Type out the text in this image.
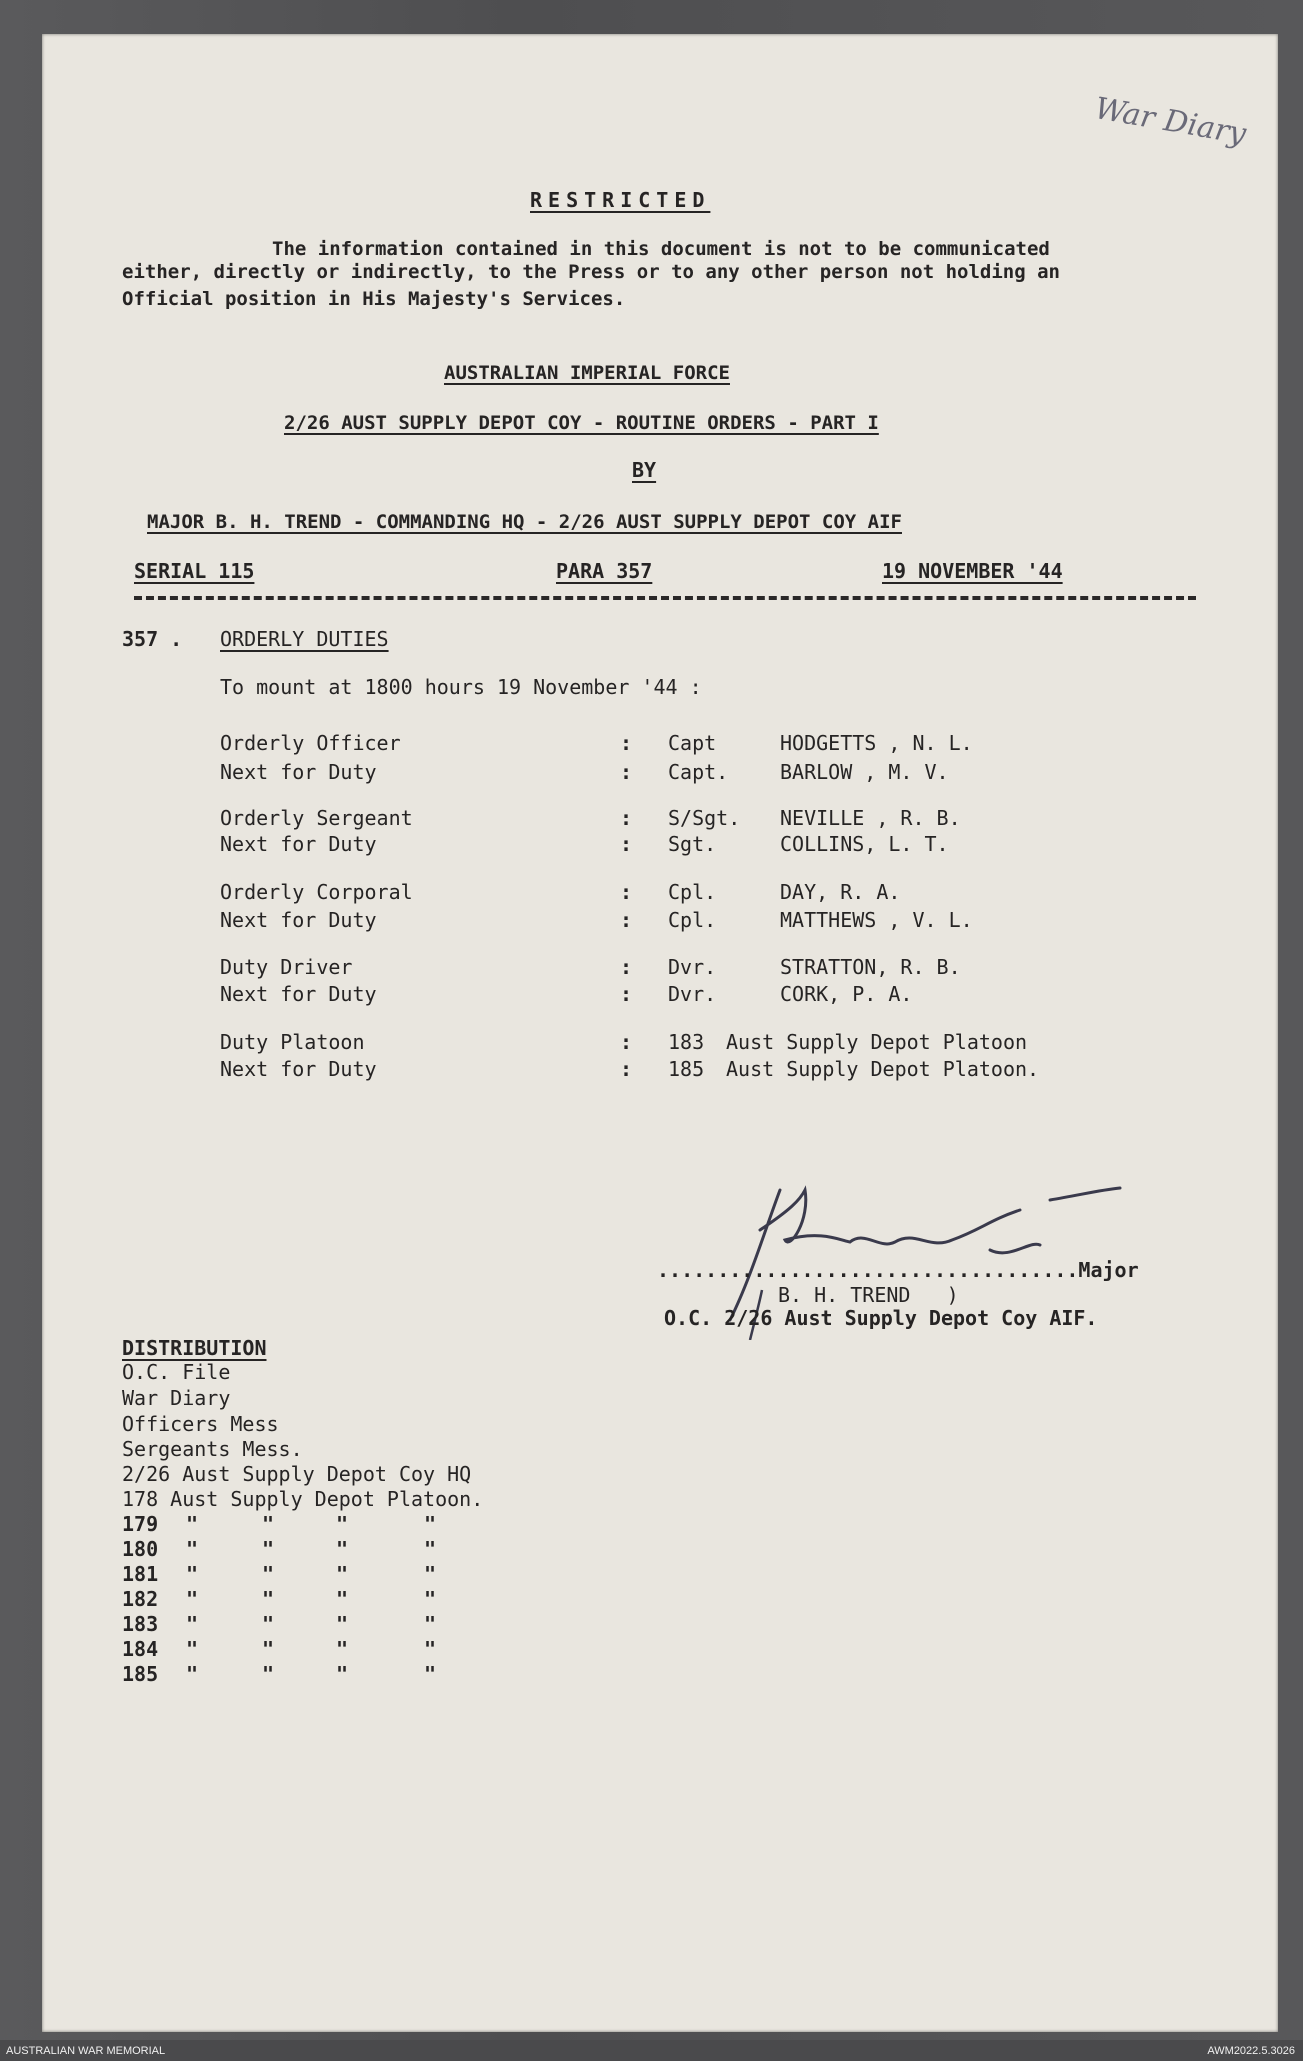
War Diary
RESTRICTED
The information contained in this document is not to be communicated
either, directly or indirectly, to the Press or to any other person not holding an
Official position in His Majesty's Services.
AUSTRALIAN IMPERIAL FORCE
2/26 AUST SUPPLY DEPOT COY - ROUTINE ORDERS - PART I
BY
MAJOR B. H. TREND - COMMANDING HQ - 2/26 AUST SUPPLY DEPOT COY AIF
SERIAL 115	PARA 357	19 NOVEMBER '44
357 . ORDERLY DUTIES
To mount at 1800 hours 19 November '44 :
Orderly Officer	: Capt	HODGETTS , N. L.
Next for Duty	: Capt.	BARLOW , M. V.
Orderly Sergeant	: S/Sgt. NEVILLE , R. B.
Next for Duty	: Sgt.	COLLINS, L. T.
Orderly Corporal	: Cpl.	DAY, R. A.
Next for Duty	: Cpl.	MATTHEWS , V. L.
Duty Driver	: Dvr.	STRATTON, R. B.
Next for Duty	: Dvr.	CORK, P. A.
Duty Platoon	: 183 Aust Supply Depot Platoon
Next for Duty	: 185 Aust Supply Depot Platoon.
...................................Major
B. H. TREND   )
O.C. 2/26 Aust Supply Depot Coy AIF.
DISTRIBUTION
O.C. File
War Diary
Officers Mess
Sergeants Mess.
2/26 Aust Supply Depot Coy HQ
178 Aust Supply Depot Platoon.
179 "	"	"	"
180 "	"	"	"
181 "	"	"	"
182 "	"	"	"
183 "	"	"	"
184 "	"	"	"
185 "	"	"	"
AUSTRALIAN WAR MEMORIAL	AWM2022.5.3026
